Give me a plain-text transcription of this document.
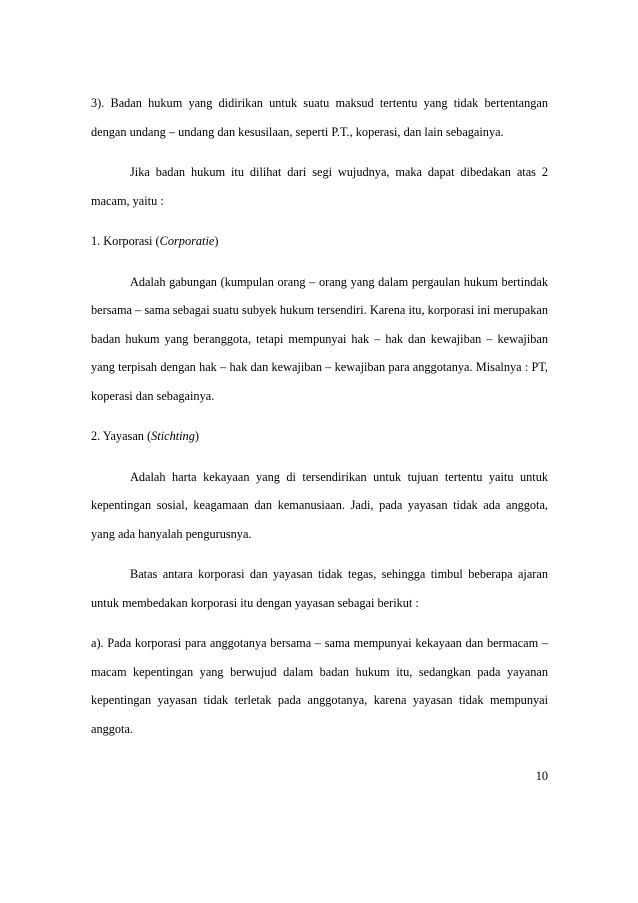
3). Badan hukum yang didirikan untuk suatu maksud tertentu yang tidak bertentangan dengan undang – undang dan kesusilaan, seperti P.T., koperasi, dan lain sebagainya.

Jika badan hukum itu dilihat dari segi wujudnya, maka dapat dibedakan atas 2 macam, yaitu :

1. Korporasi (Corporatie)

Adalah gabungan (kumpulan orang – orang yang dalam pergaulan hukum bertindak bersama – sama sebagai suatu subyek hukum tersendiri. Karena itu, korporasi ini merupakan badan hukum yang beranggota, tetapi mempunyai hak – hak dan kewajiban – kewajiban yang terpisah dengan hak – hak dan kewajiban – kewajiban para anggotanya. Misalnya : PT, koperasi dan sebagainya.

2. Yayasan (Stichting)

Adalah harta kekayaan yang di tersendirikan untuk tujuan tertentu yaitu untuk kepentingan sosial, keagamaan dan kemanusiaan. Jadi, pada yayasan tidak ada anggota, yang ada hanyalah pengurusnya.

Batas antara korporasi dan yayasan tidak tegas, sehingga timbul beberapa ajaran untuk membedakan korporasi itu dengan yayasan sebagai berikut :

a). Pada korporasi para anggotanya bersama – sama mempunyai kekayaan dan bermacam – macam kepentingan yang berwujud dalam badan hukum itu, sedangkan pada yayanan kepentingan yayasan tidak terletak pada anggotanya, karena yayasan tidak mempunyai anggota.

10
